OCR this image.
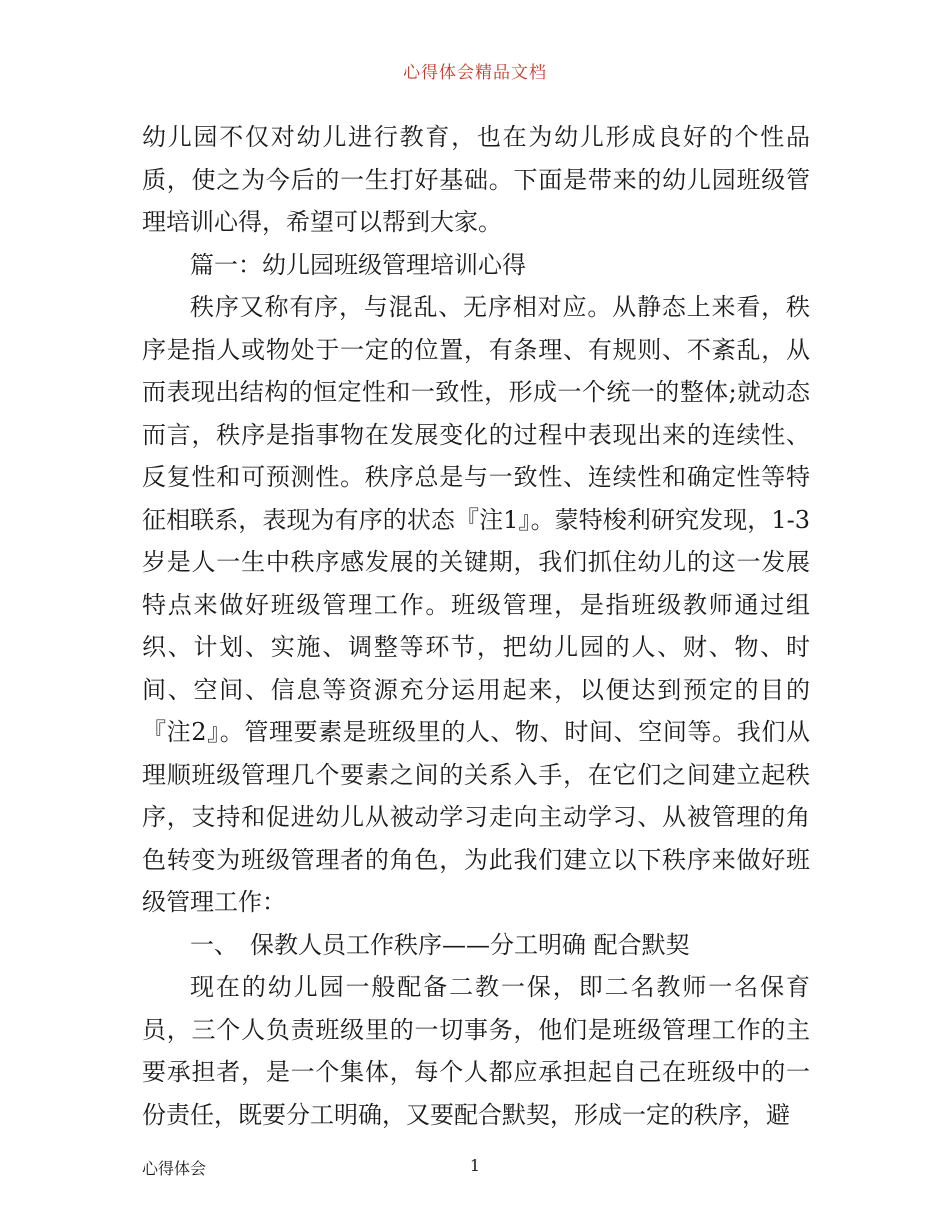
心得体会精品文档

幼儿园不仅对幼儿进行教育，也在为幼儿形成良好的个性品质，使之为今后的一生打好基础。下面是带来的幼儿园班级管理培训心得，希望可以帮到大家。

篇一：幼儿园班级管理培训心得

秩序又称有序，与混乱、无序相对应。从静态上来看，秩序是指人或物处于一定的位置，有条理、有规则、不紊乱，从而表现出结构的恒定性和一致性，形成一个统一的整体;就动态而言，秩序是指事物在发展变化的过程中表现出来的连续性、反复性和可预测性。秩序总是与一致性、连续性和确定性等特征相联系，表现为有序的状态『注1』。蒙特梭利研究发现，1-3岁是人一生中秩序感发展的关键期，我们抓住幼儿的这一发展特点来做好班级管理工作。班级管理，是指班级教师通过组织、计划、实施、调整等环节，把幼儿园的人、财、物、时间、空间、信息等资源充分运用起来，以便达到预定的目的『注2』。管理要素是班级里的人、物、时间、空间等。我们从理顺班级管理几个要素之间的关系入手，在它们之间建立起秩序，支持和促进幼儿从被动学习走向主动学习、从被管理的角色转变为班级管理者的角色，为此我们建立以下秩序来做好班级管理工作：

一、　保教人员工作秩序——分工明确 配合默契

现在的幼儿园一般配备二教一保，即二名教师一名保育员，三个人负责班级里的一切事务，他们是班级管理工作的主要承担者，是一个集体，每个人都应承担起自己在班级中的一份责任，既要分工明确，又要配合默契，形成一定的秩序，避

心得体会	1
